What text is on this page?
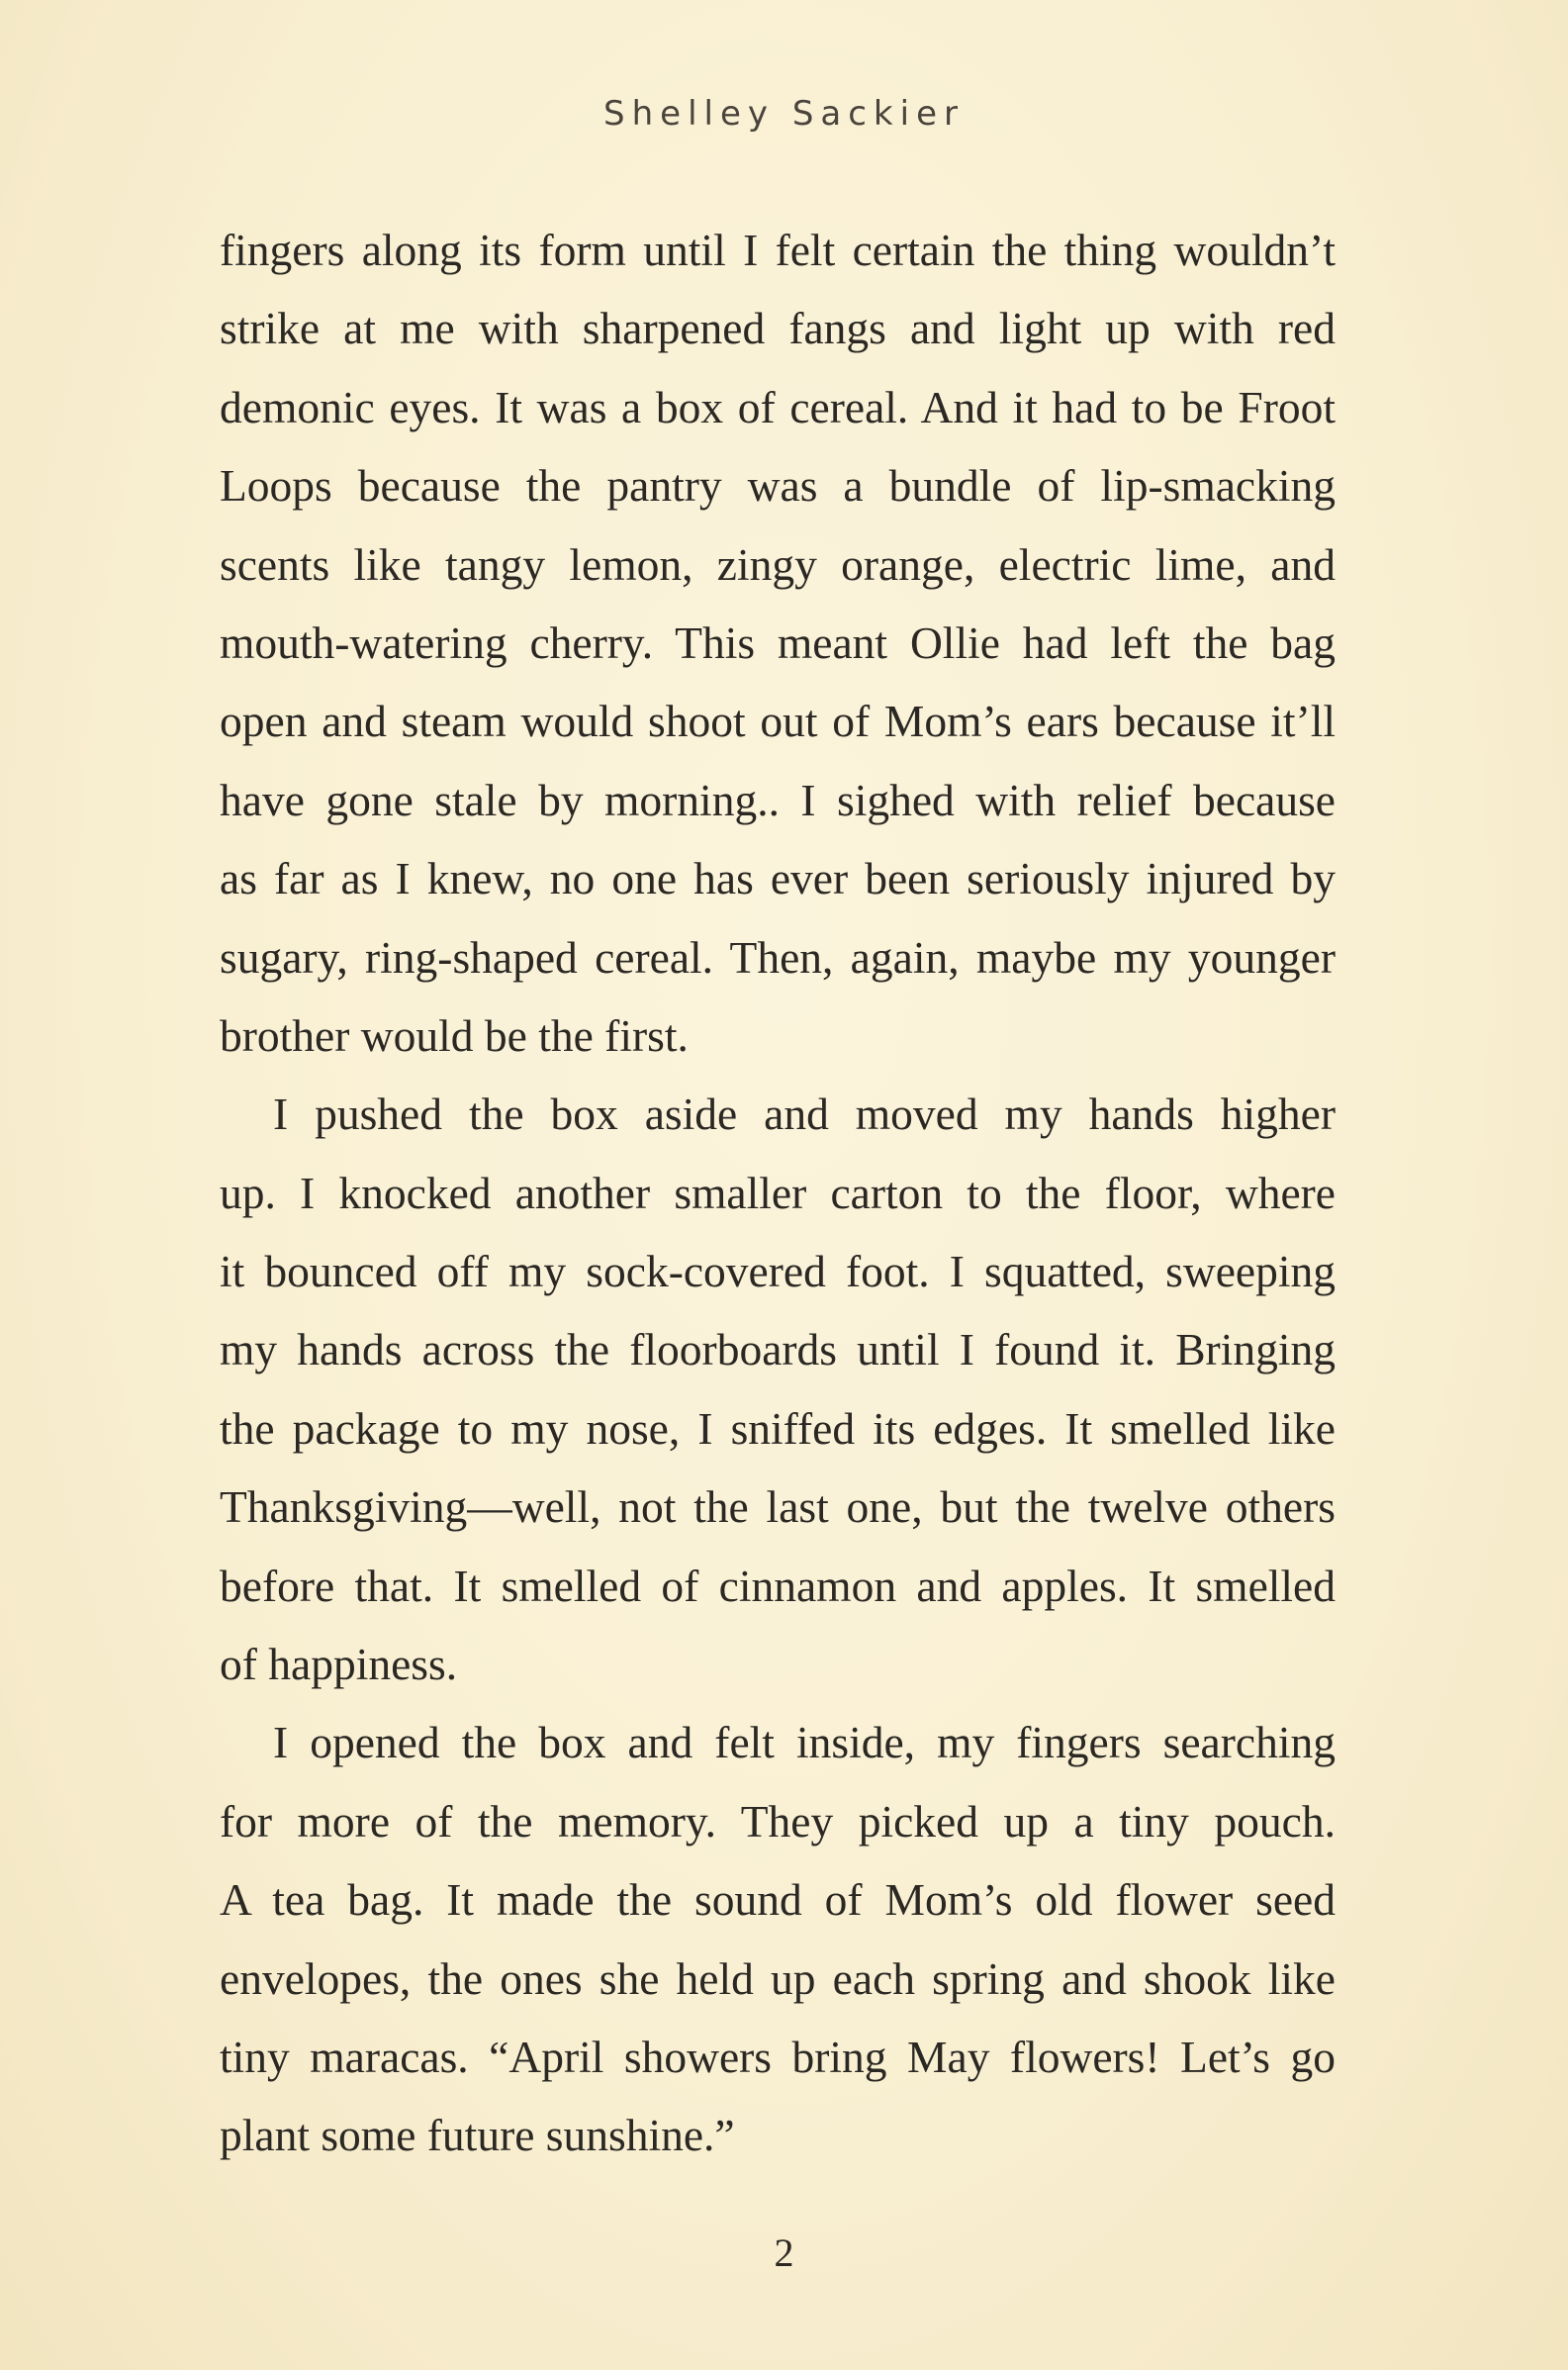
Shelley Sackier
fingers along its form until I felt certain the thing wouldn’t
strike at me with sharpened fangs and light up with red
demonic eyes. It was a box of cereal. And it had to be Froot
Loops because the pantry was a bundle of lip-smacking
scents like tangy lemon, zingy orange, electric lime, and
mouth-watering cherry. This meant Ollie had left the bag
open and steam would shoot out of Mom’s ears because it’ll
have gone stale by morning.. I sighed with relief because
as far as I knew, no one has ever been seriously injured by
sugary, ring-shaped cereal. Then, again, maybe my younger
brother would be the first.
I pushed the box aside and moved my hands higher
up. I knocked another smaller carton to the floor, where
it bounced off my sock-covered foot. I squatted, sweeping
my hands across the floorboards until I found it. Bringing
the package to my nose, I sniffed its edges. It smelled like
Thanksgiving—well, not the last one, but the twelve others
before that. It smelled of cinnamon and apples. It smelled
of happiness.
I opened the box and felt inside, my fingers searching
for more of the memory. They picked up a tiny pouch.
A tea bag. It made the sound of Mom’s old flower seed
envelopes, the ones she held up each spring and shook like
tiny maracas. “April showers bring May flowers! Let’s go
plant some future sunshine.”
2
